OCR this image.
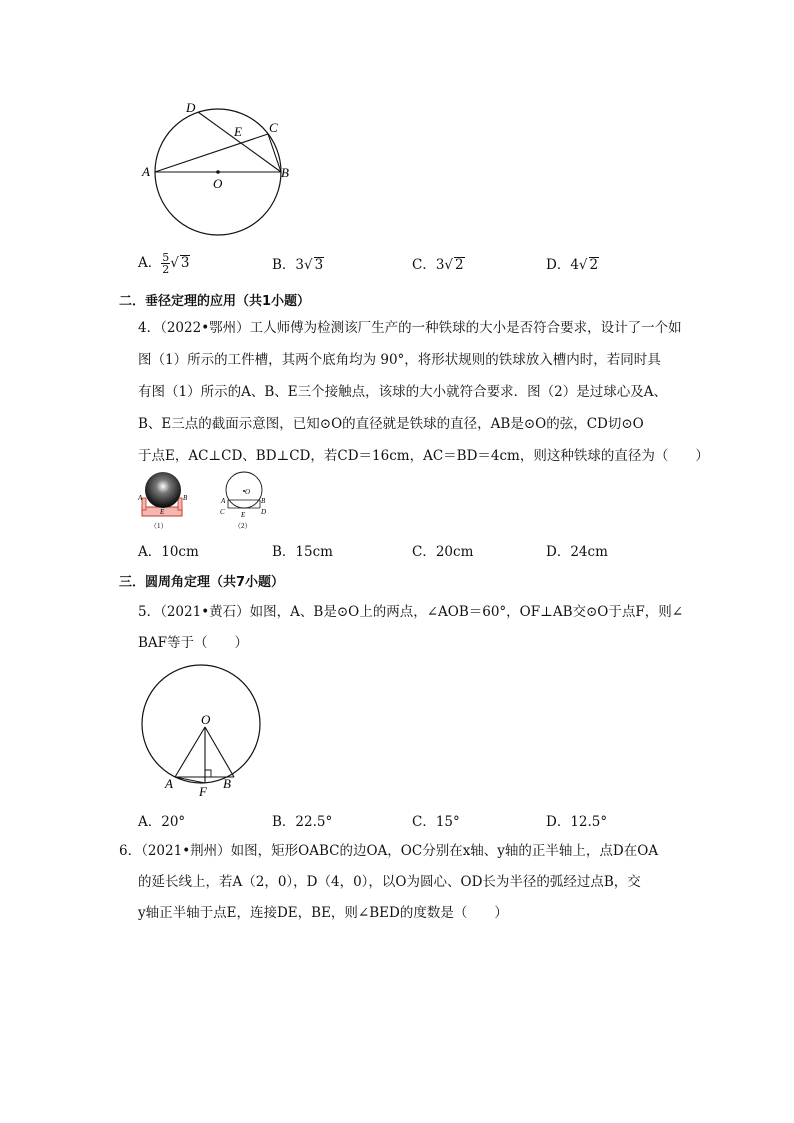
D
E C
A
O
B
A． $\frac{5}{2}$ √ 3	B．3√ 3	C．3√ 2	D．4√ 2
二．垂径定理的应用（共1小题）
4．（2022•鄂州）工人师傅为检测该厂生产的一种铁球的大小是否符合要求，设计了一个如
图（1）所示的工件槽，其两个底角均为 90°，将形状规则的铁球放入槽内时，若同时具
有图（1）所示的A、B、E三个接触点，该球的大小就符合要求．图（2）是过球心及A、
B、E三点的截面示意图，已知⊙O的直径就是铁球的直径，AB是⊙O的弦，CD切⊙O
于点E，AC⊥CD、BD⊥CD，若CD＝16cm，AC＝BD＝4cm，则这种铁球的直径为（　　）
A	B
E
（1）
O
A	B
C	D
E
（2）
A．10cm	B．15cm	C．20cm	D．24cm
三．圆周角定理（共7小题）
5．（2021•黄石）如图，A、B是⊙O上的两点，∠AOB＝60°，OF⊥AB交⊙O于点F，则∠
BAF等于（　　）
O
A
F
B
A．20°	B．22.5°	C．15°	D．12.5°
6．（2021•荆州）如图，矩形OABC的边OA，OC分别在x轴、y轴的正半轴上，点D在OA
的延长线上，若A（2，0），D（4，0），以O为圆心、OD长为半径的弧经过点B，交
y轴正半轴于点E，连接DE，BE，则∠BED的度数是（　　）
